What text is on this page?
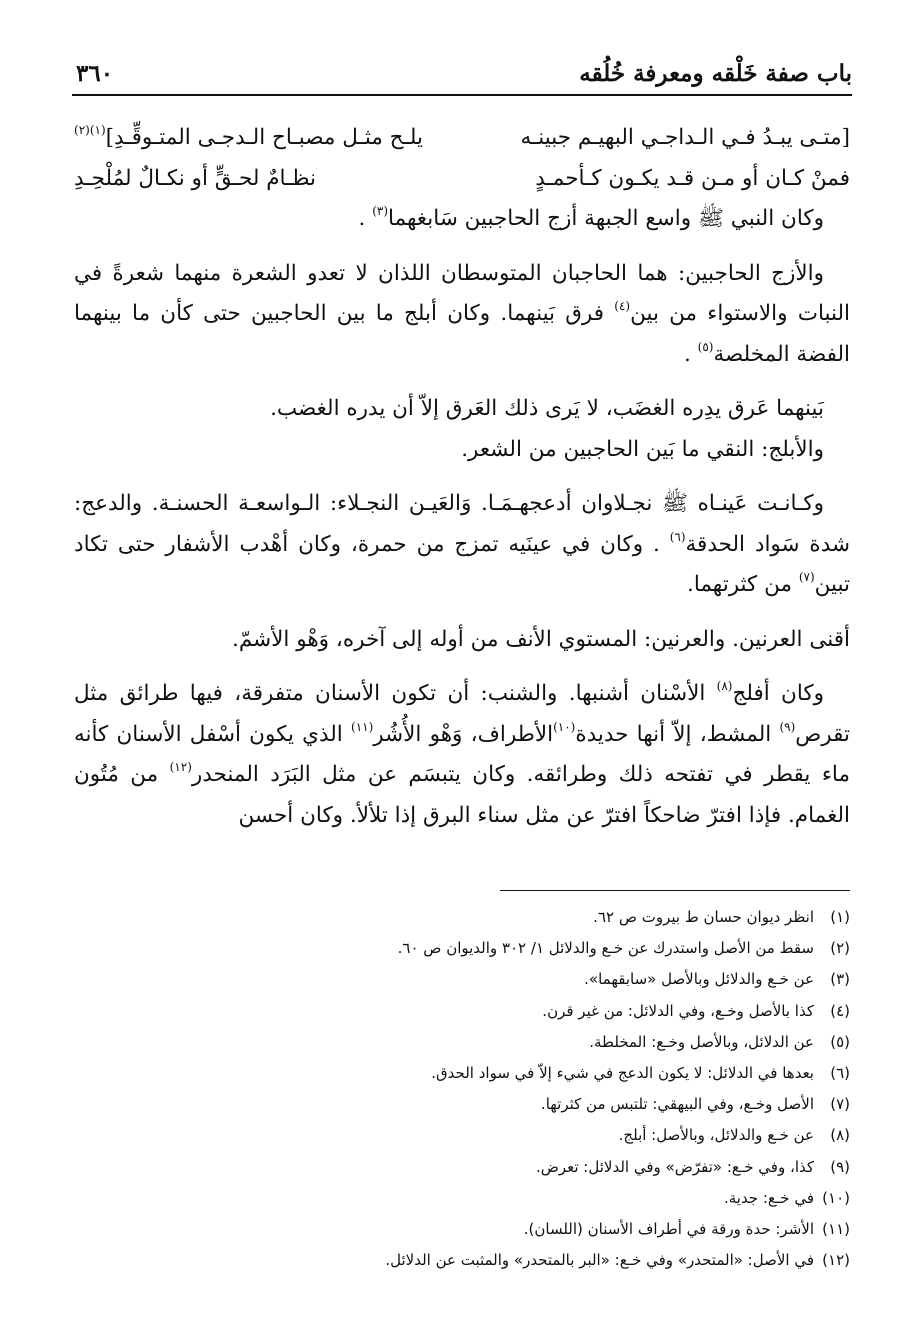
باب صفة خَلْقه ومعرفة خُلُقه
٣٦٠
[متـى يبـدُ فـي الـداجـي البهيـم جبينـه
يلـح مثـل مصبـاح الـدجـى المتـوقِّـدِ]$^{(١)(٢)}$
فمنْ كـان أو مـن قـد يكـون كـأحمـدٍ
نظـامٌ لحـقٍّ أو نكـالٌ لمُلْحِـدِ

وكان النبي ﷺ واسع الجبهة أزج الحاجبين سَابغهما$^{(٣)}$ .

والأزج الحاجبين: هما الحاجبان المتوسطان اللذان لا تعدو الشعرة منهما شعرةً في النبات والاستواء من بين$^{(٤)}$ فرق بَينهما. وكان أبلج ما بين الحاجبين حتى كأن ما بينهما الفضة المخلصة$^{(٥)}$ .

بَينهما عَرق يدِره الغضَب، لا يَرى ذلك العَرق إلاّ أن يدره الغضب.

والأبلج: النقي ما بَين الحاجبين من الشعر.

وكـانـت عَينـاه ﷺ نجـلاوان أدعجهـمَـا. وَالعَيـن النجـلاء: الـواسعـة الحسنـة. والدعج: شدة سَواد الحدقة$^{(٦)}$ . وكان في عينَيه تمزج من حمرة، وكان أهْدب الأشفار حتى تكاد تبين$^{(٧)}$ من كثرتهما.

أقنى العرنين. والعرنين: المستوي الأنف من أوله إلى آخره، وَهْو الأشمّ.

وكان أفلج$^{(٨)}$ الأسْنان أشنبها. والشنب: أن تكون الأسنان متفرقة، فيها طرائق مثل تقرص$^{(٩)}$ المشط، إلاّ أنها حديدة$^{(١٠)}$الأطراف، وَهْو الأُشُر$^{(١١)}$ الذي يكون أسْفل الأسنان كأنه ماء يقطر في تفتحه ذلك وطرائقه. وكان يتبسَم عن مثل البَرَد المنحدر$^{(١٢)}$ من مُتُون الغمام. فإذا افترّ ضاحكاً افترّ عن مثل سناء البرق إذا تلألأ. وكان أحسن

(١)
انظر ديوان حسان ط بيروت ص ٦٢.
(٢)
سقط من الأصل واستدرك عن خـع والدلائل ١/ ٣٠٢ والديوان ص ٦٠.
(٣)
عن خـع والدلائل وبالأصل «سابقهما».
(٤)
كذا بالأصل وخـع، وفي الدلائل: من غير قرن.
(٥)
عن الدلائل، وبالأصل وخـع: المخلطة.
(٦)
بعدها في الدلائل: لا يكون الدعج في شيء إلاّ في سواد الحدق.
(٧)
الأصل وخـع، وفي البيهقي: تلتبس من كثرتها.
(٨)
عن خـع والدلائل، وبالأصل: أبلج.
(٩)
كذا، وفي خـع: «تفرّض» وفي الدلائل: تعرض.
(١٠)
في خـع: جدية.
(١١)
الأشر: حدة ورقة في أطراف الأسنان (اللسان).
(١٢)
في الأصل: «المتحدر» وفي خـع: «البر بالمتحدر» والمثبت عن الدلائل.
